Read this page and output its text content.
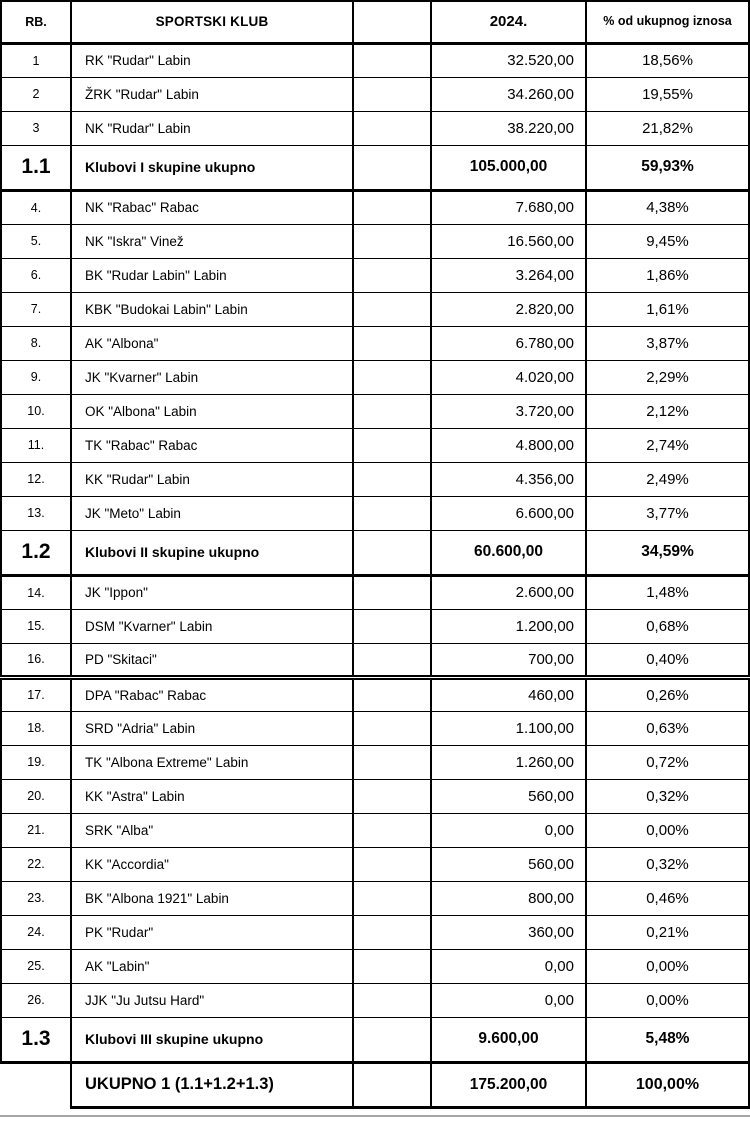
RB.	SPORTSKI KLUB		2024.	% od ukupnog iznosa
1	RK "Rudar" Labin		32.520,00	18,56%
2	ŽRK "Rudar" Labin		34.260,00	19,55%
3	NK "Rudar" Labin		38.220,00	21,82%
1.1	Klubovi I skupine ukupno		105.000,00	59,93%
4.	NK "Rabac" Rabac		7.680,00	4,38%
5.	NK "Iskra" Vinež		16.560,00	9,45%
6.	BK "Rudar Labin" Labin		3.264,00	1,86%
7.	KBK "Budokai Labin" Labin		2.820,00	1,61%
8.	AK "Albona"		6.780,00	3,87%
9.	JK "Kvarner" Labin		4.020,00	2,29%
10.	OK "Albona" Labin		3.720,00	2,12%
11.	TK "Rabac" Rabac		4.800,00	2,74%
12.	KK "Rudar" Labin		4.356,00	2,49%
13.	JK "Meto" Labin		6.600,00	3,77%
1.2	Klubovi II skupine ukupno		60.600,00	34,59%
14.	JK "Ippon"		2.600,00	1,48%
15.	DSM "Kvarner" Labin		1.200,00	0,68%
16.	PD "Skitaci"		700,00	0,40%
17.	DPA "Rabac" Rabac		460,00	0,26%
18.	SRD "Adria" Labin		1.100,00	0,63%
19.	TK "Albona Extreme" Labin		1.260,00	0,72%
20.	KK "Astra" Labin		560,00	0,32%
21.	SRK "Alba"		0,00	0,00%
22.	KK "Accordia"		560,00	0,32%
23.	BK "Albona 1921" Labin		800,00	0,46%
24.	PK "Rudar"		360,00	0,21%
25.	AK "Labin"		0,00	0,00%
26.	JJK "Ju Jutsu Hard"		0,00	0,00%
1.3	Klubovi III skupine ukupno		9.600,00	5,48%
	UKUPNO 1 (1.1+1.2+1.3)		175.200,00	100,00%
